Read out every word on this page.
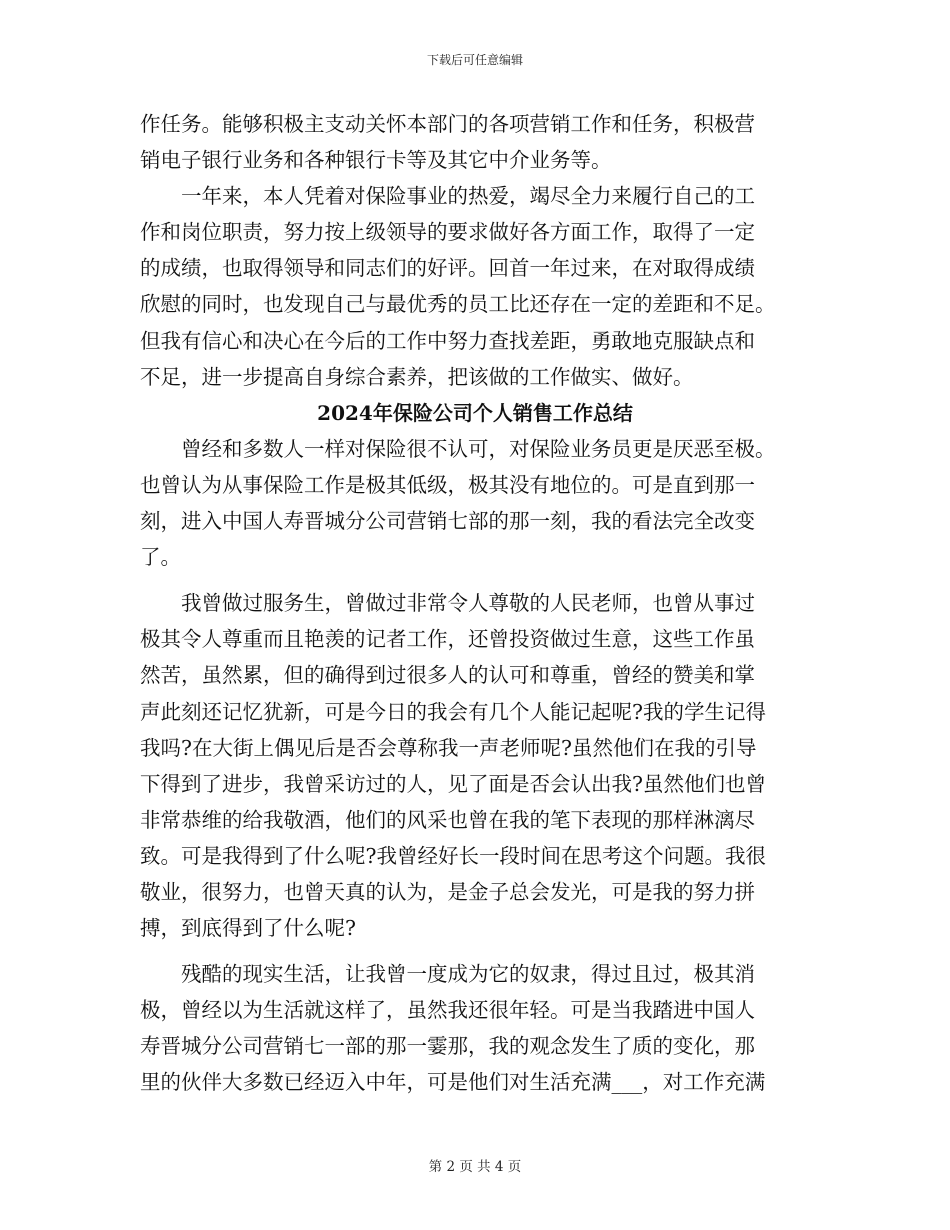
下载后可任意编辑

作任务。能够积极主支动关怀本部门的各项营销工作和任务，积极营

销电子银行业务和各种银行卡等及其它中介业务等。

　　一年来，本人凭着对保险事业的热爱，竭尽全力来履行自己的工

作和岗位职责，努力按上级领导的要求做好各方面工作，取得了一定

的成绩，也取得领导和同志们的好评。回首一年过来，在对取得成绩

欣慰的同时，也发现自己与最优秀的员工比还存在一定的差距和不足。

但我有信心和决心在今后的工作中努力查找差距，勇敢地克服缺点和

不足，进一步提高自身综合素养，把该做的工作做实、做好。

2024年保险公司个人销售工作总结

　　曾经和多数人一样对保险很不认可，对保险业务员更是厌恶至极。

也曾认为从事保险工作是极其低级，极其没有地位的。可是直到那一

刻，进入中国人寿晋城分公司营销七部的那一刻，我的看法完全改变

了。

　　我曾做过服务生，曾做过非常令人尊敬的人民老师，也曾从事过

极其令人尊重而且艳羡的记者工作，还曾投资做过生意，这些工作虽

然苦，虽然累，但的确得到过很多人的认可和尊重，曾经的赞美和掌

声此刻还记忆犹新，可是今日的我会有几个人能记起呢?我的学生记得

我吗?在大街上偶见后是否会尊称我一声老师呢?虽然他们在我的引导

下得到了进步，我曾采访过的人，见了面是否会认出我?虽然他们也曾

非常恭维的给我敬酒，他们的风采也曾在我的笔下表现的那样淋漓尽

致。可是我得到了什么呢?我曾经好长一段时间在思考这个问题。我很

敬业，很努力，也曾天真的认为，是金子总会发光，可是我的努力拼

搏，到底得到了什么呢?

　　残酷的现实生活，让我曾一度成为它的奴隶，得过且过，极其消

极，曾经以为生活就这样了，虽然我还很年轻。可是当我踏进中国人

寿晋城分公司营销七一部的那一霎那，我的观念发生了质的变化，那

里的伙伴大多数已经迈入中年，可是他们对生活充满___，对工作充满

第 2 页 共 4 页
